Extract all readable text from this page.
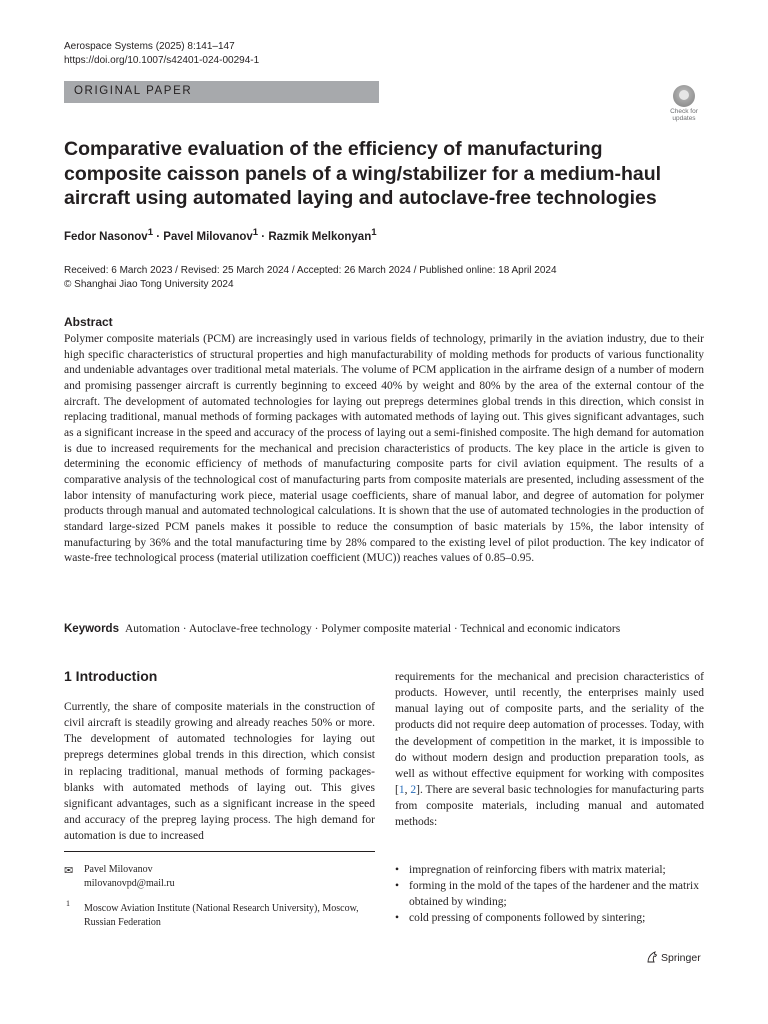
Aerospace Systems (2025) 8:141–147
https://doi.org/10.1007/s42401-024-00294-1
ORIGINAL PAPER
Check for
updates
Comparative evaluation of the efficiency of manufacturing composite caisson panels of a wing/stabilizer for a medium-haul aircraft using automated laying and autoclave-free technologies
Fedor Nasonov$^1$ · Pavel Milovanov$^1$ · Razmik Melkonyan$^1$
Received: 6 March 2023 / Revised: 25 March 2024 / Accepted: 26 March 2024 / Published online: 18 April 2024
© Shanghai Jiao Tong University 2024
Abstract
Polymer composite materials (PCM) are increasingly used in various fields of technology, primarily in the aviation industry, due to their high specific characteristics of structural properties and high manufacturability of molding methods for products of various functionality and undeniable advantages over traditional metal materials. The volume of PCM application in the airframe design of a number of modern and promising passenger aircraft is currently beginning to exceed 40% by weight and 80% by the area of the external contour of the aircraft. The development of automated technologies for laying out prepregs determines global trends in this direction, which consist in replacing traditional, manual methods of forming packages with automated methods of laying out. This gives significant advantages, such as a significant increase in the speed and accuracy of the process of laying out a semi-finished composite. The high demand for automation is due to increased requirements for the mechanical and precision characteristics of products. The key place in the article is given to determining the economic efficiency of methods of manufacturing composite parts for civil aviation equipment. The results of a comparative analysis of the technological cost of manufacturing parts from composite materials are presented, including assessment of the labor intensity of manufacturing work piece, material usage coefficients, share of manual labor, and degree of automation for polymer products through manual and automated technological calculations. It is shown that the use of automated technologies in the production of standard large-sized PCM panels makes it possible to reduce the consumption of basic materials by 15%, the labor intensity of manufacturing by 36% and the total manufacturing time by 28% compared to the existing level of pilot production. The key indicator of waste-free technological process (material utilization coefficient (MUC)) reaches values of 0.85–0.95.
Keywords Automation · Autoclave-free technology · Polymer composite material · Technical and economic indicators
1 Introduction
Currently, the share of composite materials in the construction of civil aircraft is steadily growing and already reaches 50% or more. The development of automated technologies for laying out prepregs determines global trends in this direction, which consist in replacing traditional, manual methods of forming packages-blanks with automated methods of laying out. This gives significant advantages, such as a significant increase in the speed and accuracy of the prepreg laying process. The high demand for automation is due to increased
requirements for the mechanical and precision characteristics of products. However, until recently, the enterprises mainly used manual laying out of composite parts, and the seriality of the products did not require deep automation of processes. Today, with the development of competition in the market, it is impossible to do without modern design and production preparation tools, as well as without effective equipment for working with composites [1, 2]. There are several basic technologies for manufacturing parts from composite materials, including manual and automated methods:
✉ Pavel Milovanov
milovanovpd@mail.ru
1 Moscow Aviation Institute (National Research University), Moscow, Russian Federation
• impregnation of reinforcing fibers with matrix material;
• forming in the mold of the tapes of the hardener and the matrix obtained by winding;
• cold pressing of components followed by sintering;
Springer
